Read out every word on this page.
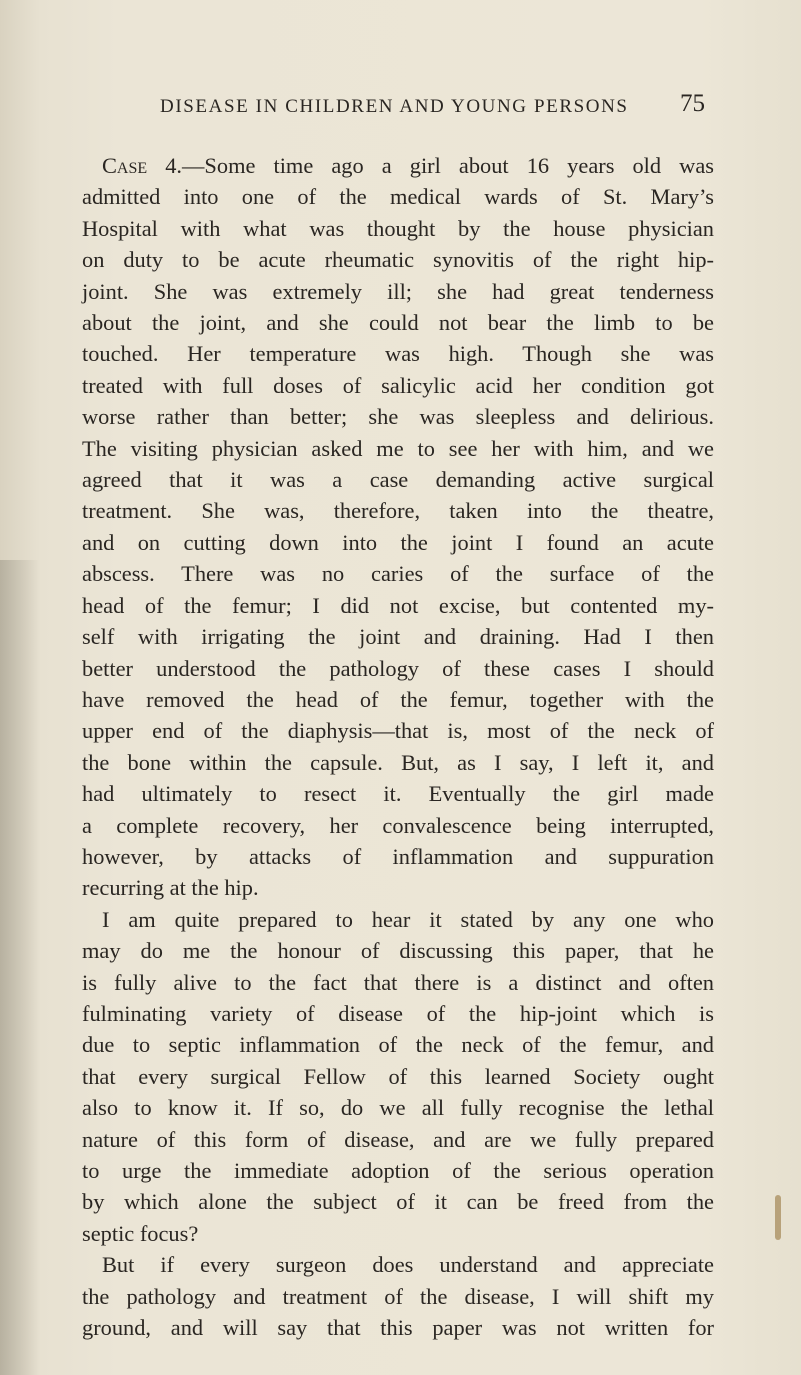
DISEASE IN CHILDREN AND YOUNG PERSONS 75
Case 4.—Some time ago a girl about 16 years old was
admitted into one of the medical wards of St. Mary’s
Hospital with what was thought by the house physician
on duty to be acute rheumatic synovitis of the right hip-
joint. She was extremely ill; she had great tenderness
about the joint, and she could not bear the limb to be
touched. Her temperature was high. Though she was
treated with full doses of salicylic acid her condition got
worse rather than better; she was sleepless and delirious.
The visiting physician asked me to see her with him, and we
agreed that it was a case demanding active surgical
treatment. She was, therefore, taken into the theatre,
and on cutting down into the joint I found an acute
abscess. There was no caries of the surface of the
head of the femur; I did not excise, but contented my-
self with irrigating the joint and draining. Had I then
better understood the pathology of these cases I should
have removed the head of the femur, together with the
upper end of the diaphysis—that is, most of the neck of
the bone within the capsule. But, as I say, I left it, and
had ultimately to resect it. Eventually the girl made
a complete recovery, her convalescence being interrupted,
however, by attacks of inflammation and suppuration
recurring at the hip.
I am quite prepared to hear it stated by any one who
may do me the honour of discussing this paper, that he
is fully alive to the fact that there is a distinct and often
fulminating variety of disease of the hip-joint which is
due to septic inflammation of the neck of the femur, and
that every surgical Fellow of this learned Society ought
also to know it. If so, do we all fully recognise the lethal
nature of this form of disease, and are we fully prepared
to urge the immediate adoption of the serious operation
by which alone the subject of it can be freed from the
septic focus?
But if every surgeon does understand and appreciate
the pathology and treatment of the disease, I will shift my
ground, and will say that this paper was not written for
